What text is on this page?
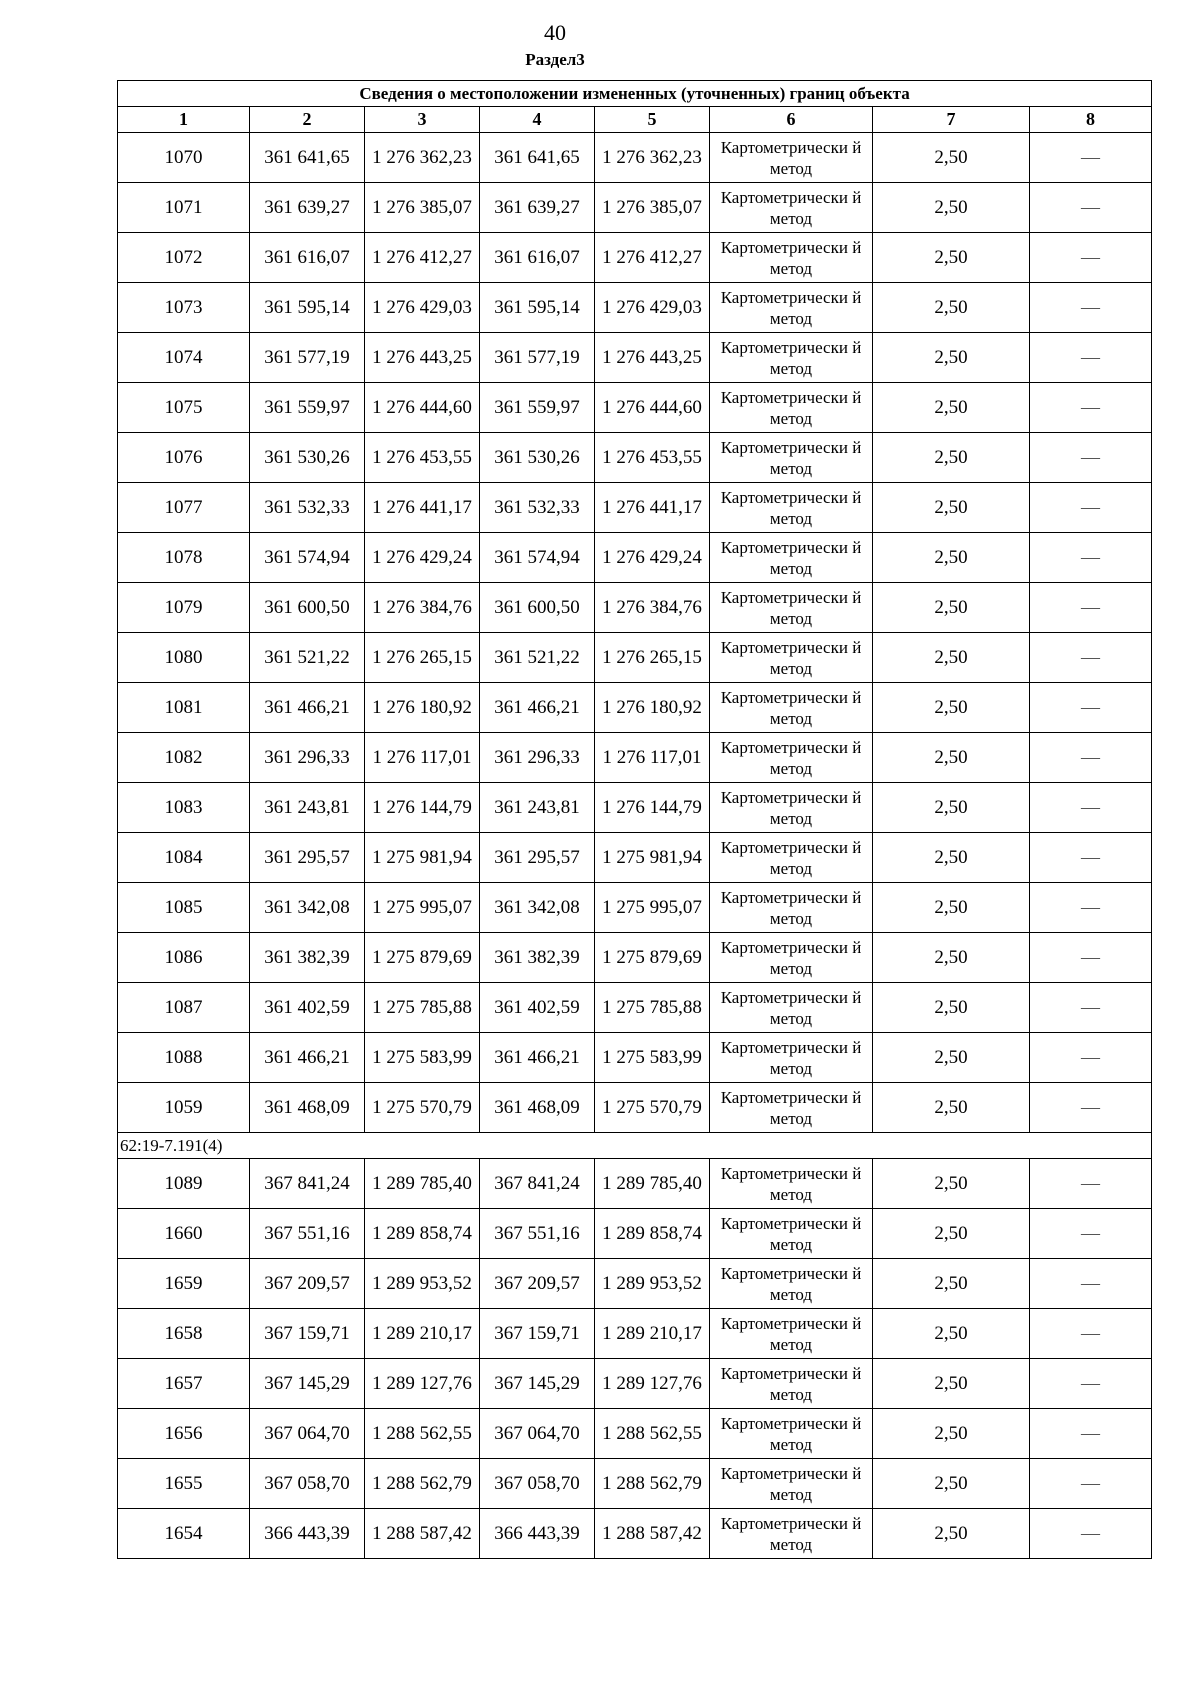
40
Раздел3
Сведения о местоположении измененных (уточненных) границ объекта							
1	2	3	4	5	6	7	8
1070	361 641,65	1 276 362,23	361 641,65	1 276 362,23	Картометрически й метод	2,50	—
1071	361 639,27	1 276 385,07	361 639,27	1 276 385,07	Картометрически й метод	2,50	—
1072	361 616,07	1 276 412,27	361 616,07	1 276 412,27	Картометрически й метод	2,50	—
1073	361 595,14	1 276 429,03	361 595,14	1 276 429,03	Картометрически й метод	2,50	—
1074	361 577,19	1 276 443,25	361 577,19	1 276 443,25	Картометрически й метод	2,50	—
1075	361 559,97	1 276 444,60	361 559,97	1 276 444,60	Картометрически й метод	2,50	—
1076	361 530,26	1 276 453,55	361 530,26	1 276 453,55	Картометрически й метод	2,50	—
1077	361 532,33	1 276 441,17	361 532,33	1 276 441,17	Картометрически й метод	2,50	—
1078	361 574,94	1 276 429,24	361 574,94	1 276 429,24	Картометрически й метод	2,50	—
1079	361 600,50	1 276 384,76	361 600,50	1 276 384,76	Картометрически й метод	2,50	—
1080	361 521,22	1 276 265,15	361 521,22	1 276 265,15	Картометрически й метод	2,50	—
1081	361 466,21	1 276 180,92	361 466,21	1 276 180,92	Картометрически й метод	2,50	—
1082	361 296,33	1 276 117,01	361 296,33	1 276 117,01	Картометрически й метод	2,50	—
1083	361 243,81	1 276 144,79	361 243,81	1 276 144,79	Картометрически й метод	2,50	—
1084	361 295,57	1 275 981,94	361 295,57	1 275 981,94	Картометрически й метод	2,50	—
1085	361 342,08	1 275 995,07	361 342,08	1 275 995,07	Картометрически й метод	2,50	—
1086	361 382,39	1 275 879,69	361 382,39	1 275 879,69	Картометрически й метод	2,50	—
1087	361 402,59	1 275 785,88	361 402,59	1 275 785,88	Картометрически й метод	2,50	—
1088	361 466,21	1 275 583,99	361 466,21	1 275 583,99	Картометрически й метод	2,50	—
1059	361 468,09	1 275 570,79	361 468,09	1 275 570,79	Картометрически й метод	2,50	—
62:19-7.191(4)							
1089	367 841,24	1 289 785,40	367 841,24	1 289 785,40	Картометрически й метод	2,50	—
1660	367 551,16	1 289 858,74	367 551,16	1 289 858,74	Картометрически й метод	2,50	—
1659	367 209,57	1 289 953,52	367 209,57	1 289 953,52	Картометрически й метод	2,50	—
1658	367 159,71	1 289 210,17	367 159,71	1 289 210,17	Картометрически й метод	2,50	—
1657	367 145,29	1 289 127,76	367 145,29	1 289 127,76	Картометрически й метод	2,50	—
1656	367 064,70	1 288 562,55	367 064,70	1 288 562,55	Картометрически й метод	2,50	—
1655	367 058,70	1 288 562,79	367 058,70	1 288 562,79	Картометрически й метод	2,50	—
1654	366 443,39	1 288 587,42	366 443,39	1 288 587,42	Картометрически й метод	2,50	—
